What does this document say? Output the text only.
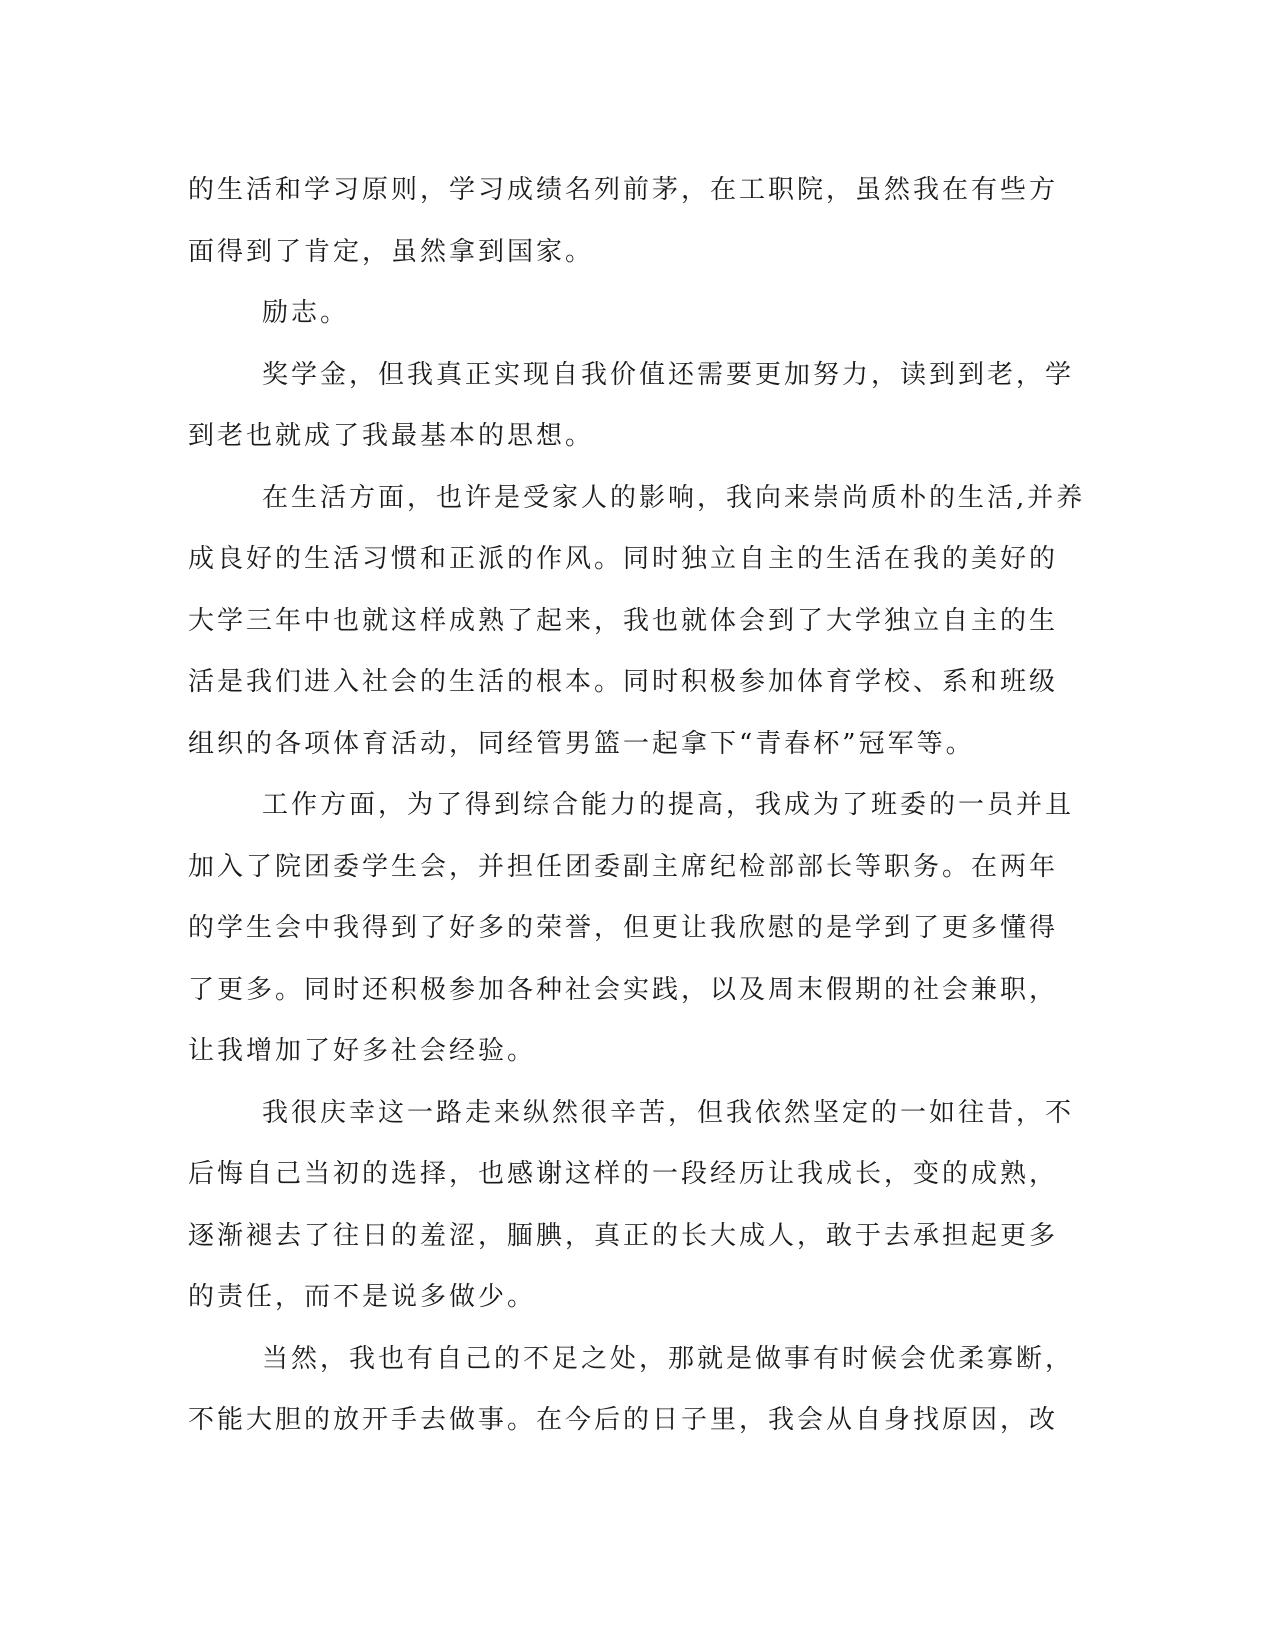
的生活和学习原则，学习成绩名列前茅，在工职院，虽然我在有些方
面得到了肯定，虽然拿到国家。
励志。
奖学金，但我真正实现自我价值还需要更加努力，读到到老，学
到老也就成了我最基本的思想。
在生活方面，也许是受家人的影响，我向来崇尚质朴的生活,并养
成良好的生活习惯和正派的作风。同时独立自主的生活在我的美好的
大学三年中也就这样成熟了起来，我也就体会到了大学独立自主的生
活是我们进入社会的生活的根本。同时积极参加体育学校、系和班级
组织的各项体育活动，同经管男篮一起拿下“青春杯”冠军等。
工作方面，为了得到综合能力的提高，我成为了班委的一员并且
加入了院团委学生会，并担任团委副主席纪检部部长等职务。在两年
的学生会中我得到了好多的荣誉，但更让我欣慰的是学到了更多懂得
了更多。同时还积极参加各种社会实践，以及周末假期的社会兼职，
让我增加了好多社会经验。
我很庆幸这一路走来纵然很辛苦，但我依然坚定的一如往昔，不
后悔自己当初的选择，也感谢这样的一段经历让我成长，变的成熟，
逐渐褪去了往日的羞涩，腼腆，真正的长大成人，敢于去承担起更多
的责任，而不是说多做少。
当然，我也有自己的不足之处，那就是做事有时候会优柔寡断，
不能大胆的放开手去做事。在今后的日子里，我会从自身找原因，改
